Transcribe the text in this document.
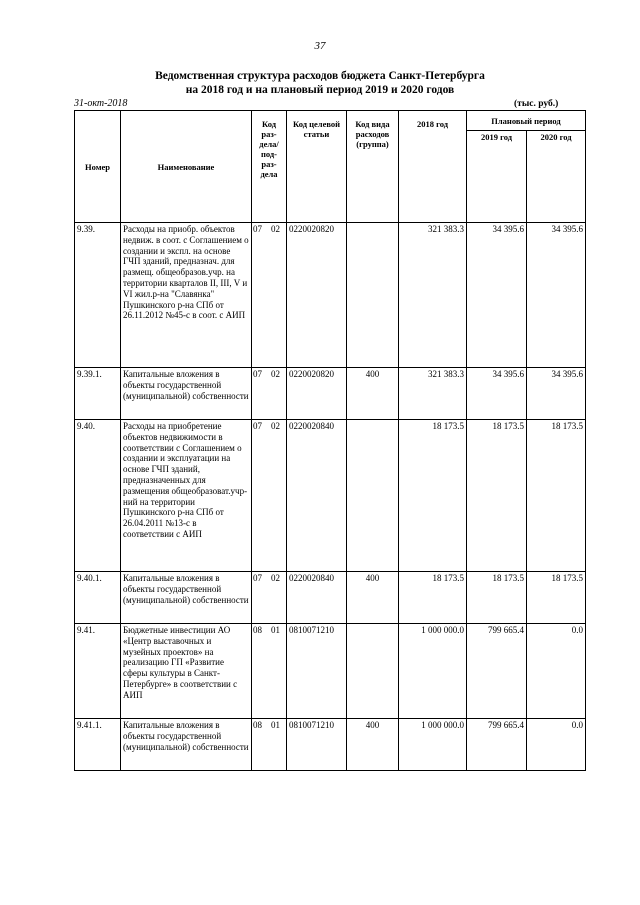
37
Ведомственная структура расходов бюджета Санкт-Петербурга
на 2018 год и на плановый период 2019 и 2020 годов
31-окт-2018	(тыс. руб.)
Номер	Наименование	Код раз-дела/ под-раз-дела	Код целевой статьи	Код вида расходов (группа)	2018 год	Плановый период	
						2019 год	2020 год
9.39.	Расходы на приобр. объектов недвиж. в соот. с Соглашением о создании и экспл. на основе ГЧП зданий, предназнач. для размещ. общеобразов.учр. на территории кварталов II, III, V и VI жил.р-на "Славянка" Пушкинского р-на СПб от 26.11.2012 №45-с в соот. с АИП	07 02	0220020820		321 383.3	34 395.6	34 395.6
9.39.1.	Капитальные вложения в объекты государственной (муниципальной) собственности	07 02	0220020820	400	321 383.3	34 395.6	34 395.6
9.40.	Расходы на приобретение объектов недвижимости в соответствии с Соглашением о создании и эксплуатации на основе ГЧП зданий, предназначенных для размещения общеобразоват.учр-ний на территории Пушкинского р-на СПб от 26.04.2011 №13-с в соответствии с АИП	07 02	0220020840		18 173.5	18 173.5	18 173.5
9.40.1.	Капитальные вложения в объекты государственной (муниципальной) собственности	07 02	0220020840	400	18 173.5	18 173.5	18 173.5
9.41.	Бюджетные инвестиции АО «Центр выставочных и музейных проектов» на реализацию ГП «Развитие сферы культуры в Санкт-Петербурге» в соответствии с АИП	08 01	0810071210		1 000 000.0	799 665.4	0.0
9.41.1.	Капитальные вложения в объекты государственной (муниципальной) собственности	08 01	0810071210	400	1 000 000.0	799 665.4	0.0
